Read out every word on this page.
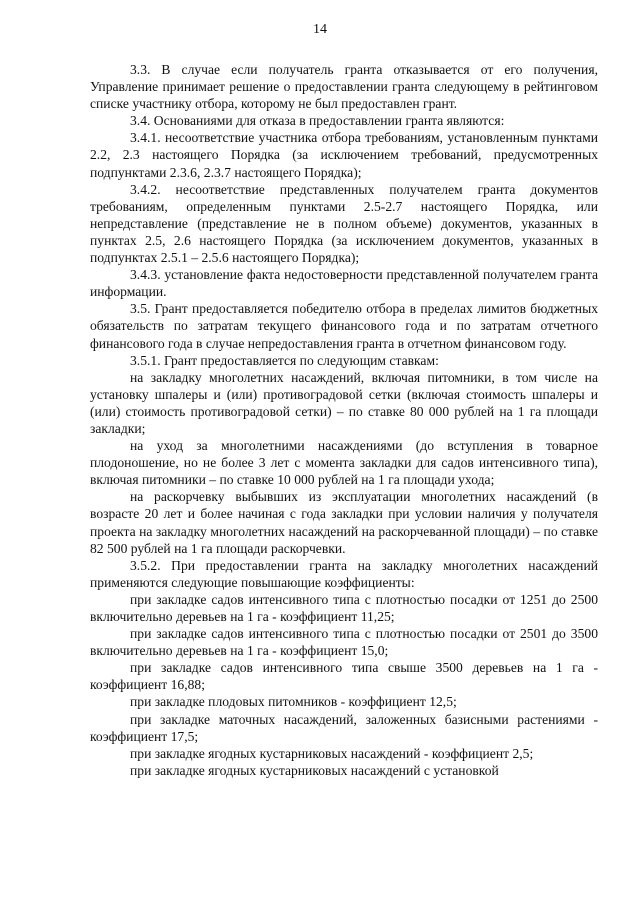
14

3.3. В случае если получатель гранта отказывается от его получения, Управление принимает решение о предоставлении гранта следующему в рейтинговом списке участнику отбора, которому не был предоставлен грант.

3.4. Основаниями для отказа в предоставлении гранта являются:

3.4.1. несоответствие участника отбора требованиям, установленным пунктами 2.2, 2.3 настоящего Порядка (за исключением требований, предусмотренных подпунктами 2.3.6, 2.3.7 настоящего Порядка);

3.4.2. несоответствие представленных получателем гранта документов требованиям, определенным пунктами 2.5-2.7 настоящего Порядка, или непредставление (представление не в полном объеме) документов, указанных в пунктах 2.5, 2.6 настоящего Порядка (за исключением документов, указанных в подпунктах 2.5.1 – 2.5.6 настоящего Порядка);

3.4.3. установление факта недостоверности представленной получателем гранта информации.

3.5. Грант предоставляется победителю отбора в пределах лимитов бюджетных обязательств по затратам текущего финансового года и по затратам отчетного финансового года в случае непредоставления гранта в отчетном финансовом году.

3.5.1. Грант предоставляется по следующим ставкам:

на закладку многолетних насаждений, включая питомники, в том числе на установку шпалеры и (или) противоградовой сетки (включая стоимость шпалеры и (или) стоимость противоградовой сетки) – по ставке 80 000 рублей на 1 га площади закладки;

на уход за многолетними насаждениями (до вступления в товарное плодоношение, но не более 3 лет с момента закладки для садов интенсивного типа), включая питомники – по ставке 10 000 рублей на 1 га площади ухода;

на раскорчевку выбывших из эксплуатации многолетних насаждений (в возрасте 20 лет и более начиная с года закладки при условии наличия у получателя проекта на закладку многолетних насаждений на раскорчеванной площади) – по ставке 82 500 рублей на 1 га площади раскорчевки.

3.5.2. При предоставлении гранта на закладку многолетних насаждений применяются следующие повышающие коэффициенты:

при закладке садов интенсивного типа с плотностью посадки от 1251 до 2500 включительно деревьев на 1 га - коэффициент 11,25;

при закладке садов интенсивного типа с плотностью посадки от 2501 до 3500 включительно деревьев на 1 га - коэффициент 15,0;

при закладке садов интенсивного типа свыше 3500 деревьев на 1 га - коэффициент 16,88;

при закладке плодовых питомников - коэффициент 12,5;

при закладке маточных насаждений, заложенных базисными растениями - коэффициент 17,5;

при закладке ягодных кустарниковых насаждений - коэффициент 2,5;

при закладке ягодных кустарниковых насаждений с установкой
